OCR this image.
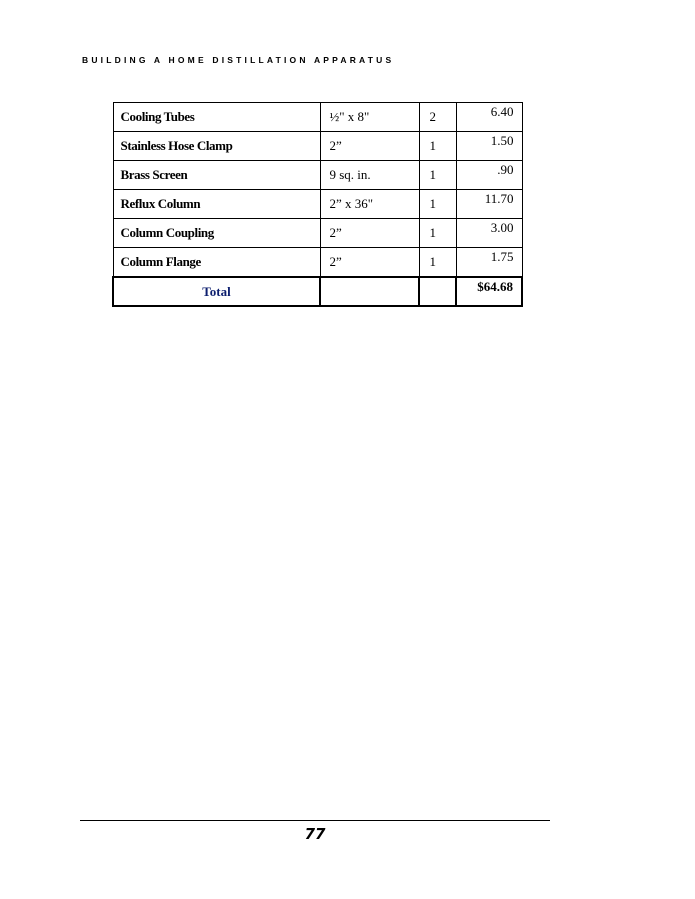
BUILDING A HOME DISTILLATION APPARATUS
Cooling Tubes	½" x 8"	2	6.40
Stainless Hose Clamp	2”	1	1.50
Brass Screen	9 sq. in.	1	.90
Reflux Column	2” x 36"	1	11.70
Column Coupling	2”	1	3.00
Column Flange	2”	1	1.75
Total			$64.68
77
